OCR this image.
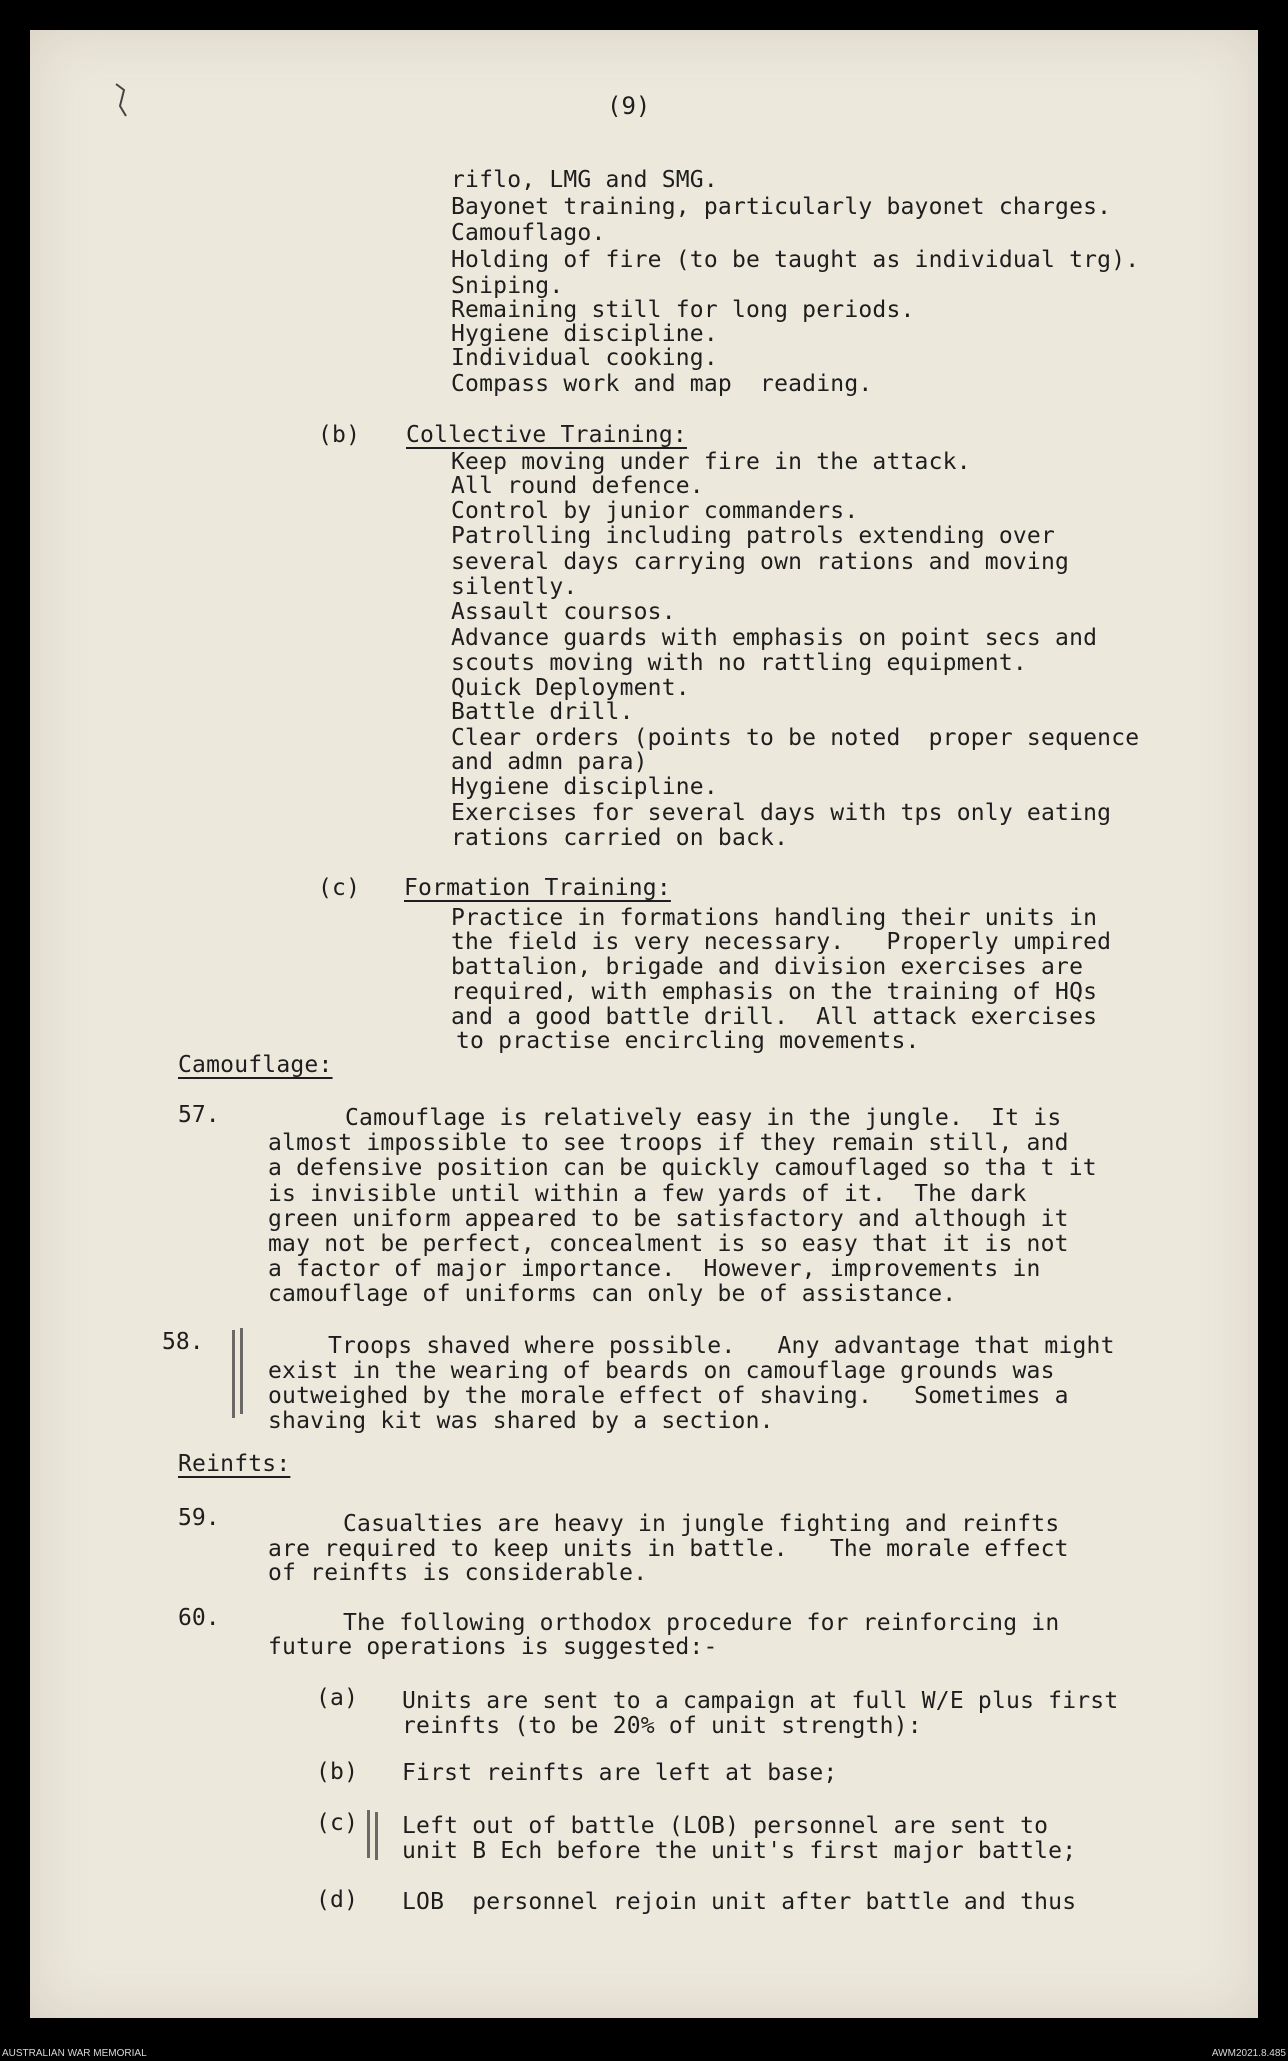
(9)
riflo, LMG and SMG.
Bayonet training, particularly bayonet charges.
Camouflago.
Holding of fire (to be taught as individual trg).
Sniping.
Remaining still for long periods.
Hygiene discipline.
Individual cooking.
Compass work and map  reading.
(b) Collective Training:
Keep moving under fire in the attack.
All round defence.
Control by junior commanders.
Patrolling including patrols extending over
several days carrying own rations and moving
silently.
Assault coursos.
Advance guards with emphasis on point secs and
scouts moving with no rattling equipment.
Quick Deployment.
Battle drill.
Clear orders (points to be noted  proper sequence
and admn para)
Hygiene discipline.
Exercises for several days with tps only eating
rations carried on back.
(c) Formation Training:
Practice in formations handling their units in
the field is very necessary.   Properly umpired
battalion, brigade and division exercises are
required, with emphasis on the training of HQs
and a good battle drill.  All attack exercises
to practise encircling movements.
Camouflage:
57.	Camouflage is relatively easy in the jungle.  It is
almost impossible to see troops if they remain still, and
a defensive position can be quickly camouflaged so tha t it
is invisible until within a few yards of it.  The dark
green uniform appeared to be satisfactory and although it
may not be perfect, concealment is so easy that it is not
a factor of major importance.  However, improvements in
camouflage of uniforms can only be of assistance.
58.	Troops shaved where possible.   Any advantage that might
exist in the wearing of beards on camouflage grounds was
outweighed by the morale effect of shaving.   Sometimes a
shaving kit was shared by a section.
Reinfts:
59.	Casualties are heavy in jungle fighting and reinfts
are required to keep units in battle.   The morale effect
of reinfts is considerable.
60.	The following orthodox procedure for reinforcing in
future operations is suggested:-
(a) Units are sent to a campaign at full W/E plus first
reinfts (to be 20% of unit strength):
(b) First reinfts are left at base;
(c) Left out of battle (LOB) personnel are sent to
unit B Ech before the unit's first major battle;
(d) LOB  personnel rejoin unit after battle and thus
AUSTRALIAN WAR MEMORIAL	AWM2021.8.485
